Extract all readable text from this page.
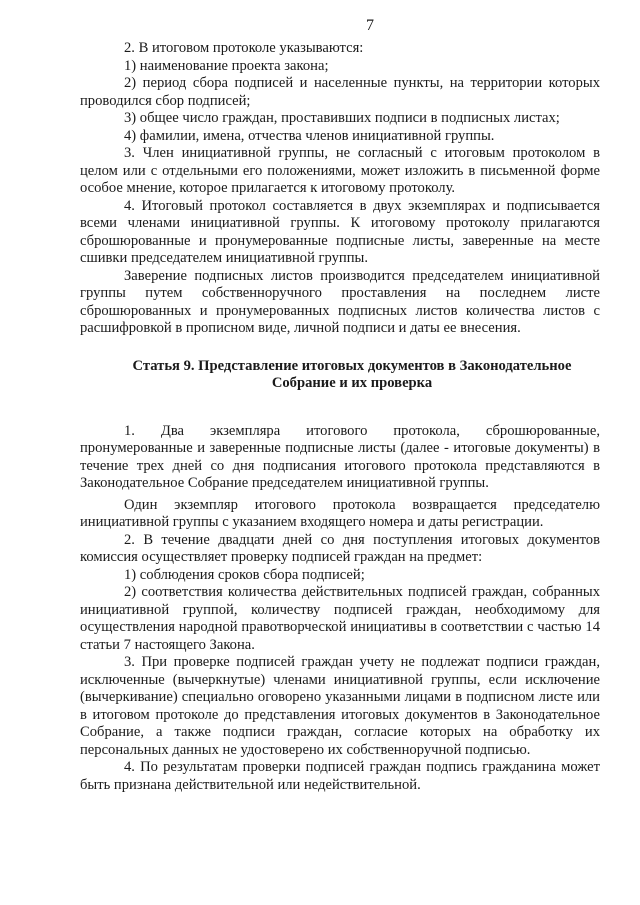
7

2. В итоговом протоколе указываются:

1) наименование проекта закона;

2) период сбора подписей и населенные пункты, на территории которых проводился сбор подписей;

3) общее число граждан, проставивших подписи в подписных листах;

4) фамилии, имена, отчества членов инициативной группы.

3. Член инициативной группы, не согласный с итоговым протоколом в целом или с отдельными его положениями, может изложить в письменной форме особое мнение, которое прилагается к итоговому протоколу.

4. Итоговый протокол составляется в двух экземплярах и подписывается всеми членами инициативной группы. К итоговому протоколу прилагаются сброшюрованные и пронумерованные подписные листы, заверенные на месте сшивки председателем инициативной группы.

Заверение подписных листов производится председателем инициативной группы путем собственноручного проставления на последнем листе сброшюрованных и пронумерованных подписных листов количества листов с расшифровкой в прописном виде, личной подписи и даты ее внесения.

Статья 9. Представление итоговых документов в Законодательное Собрание и их проверка

1. Два экземпляра итогового протокола, сброшюрованные, пронумерованные и заверенные подписные листы (далее - итоговые документы) в течение трех дней со дня подписания итогового протокола представляются в Законодательное Собрание председателем инициативной группы.

Один экземпляр итогового протокола возвращается председателю инициативной группы с указанием входящего номера и даты регистрации.

2. В течение двадцати дней со дня поступления итоговых документов комиссия осуществляет проверку подписей граждан на предмет:

1) соблюдения сроков сбора подписей;

2) соответствия количества действительных подписей граждан, собранных инициативной группой, количеству подписей граждан, необходимому для осуществления народной правотворческой инициативы в соответствии с частью 14 статьи 7 настоящего Закона.

3. При проверке подписей граждан учету не подлежат подписи граждан, исключенные (вычеркнутые) членами инициативной группы, если исключение (вычеркивание) специально оговорено указанными лицами в подписном листе или в итоговом протоколе до представления итоговых документов в Законодательное Собрание, а также подписи граждан, согласие которых на обработку их персональных данных не удостоверено их собственноручной подписью.

4. По результатам проверки подписей граждан подпись гражданина может быть признана действительной или недействительной.
